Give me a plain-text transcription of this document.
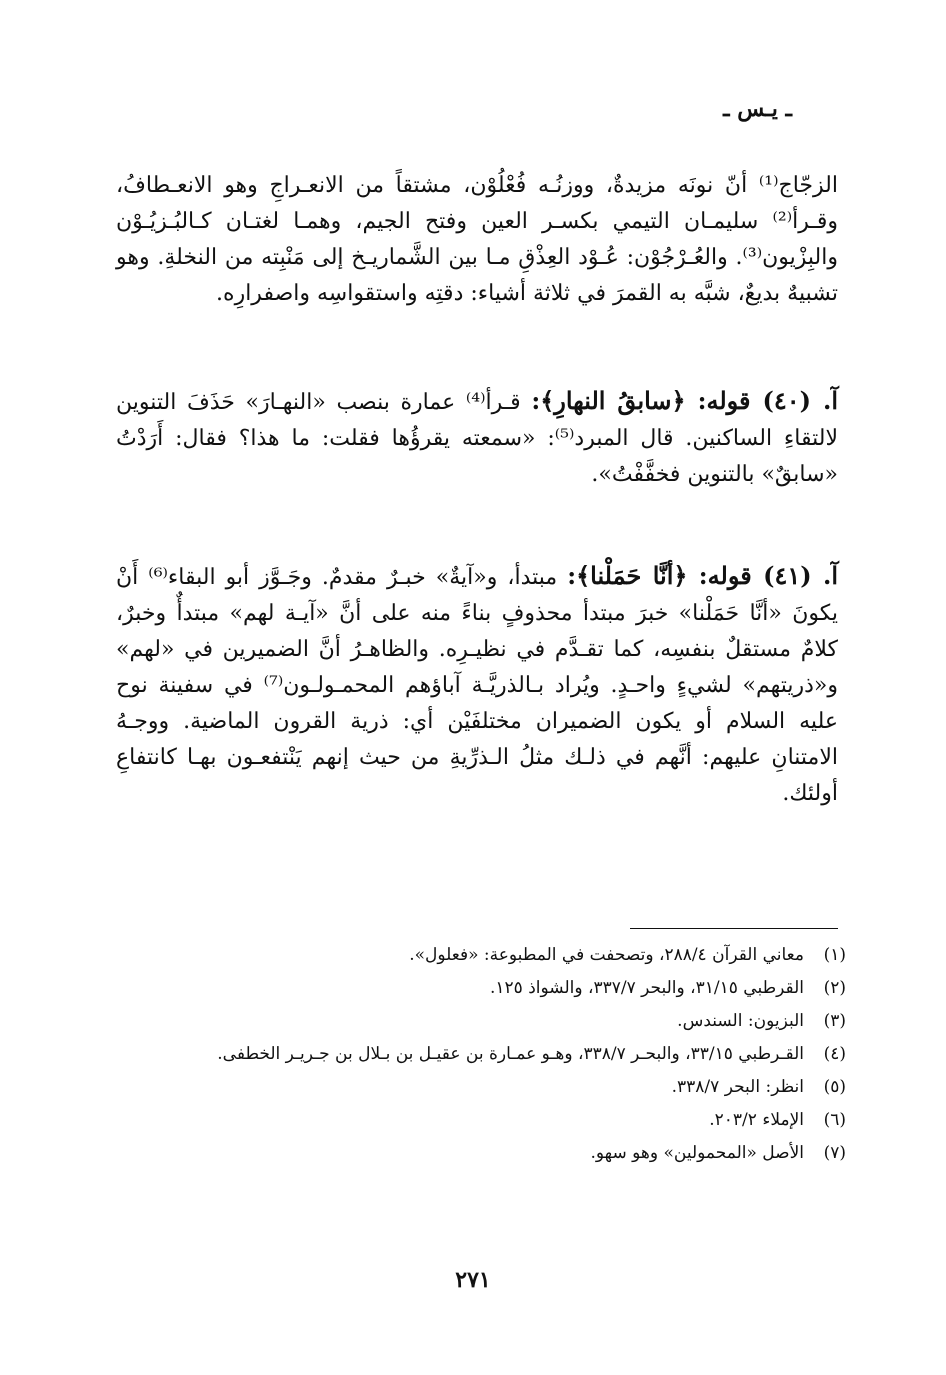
ـ يـس ـ

الزجّاج⁽¹⁾ أنّ نونَه مزيدةٌ، ووزنُـه فُعْلُوْن، مشتقاً من الانعـراجِ وهو الانعـطافُ، وقـرأ⁽²⁾ سليمـان التيمي بكسـر العين وفتح الجيم، وهمـا لغتـان كـالبُـزيُـوْن والبِزْيون⁽³⁾. والعُـرْجُوْن: عُـوْد العِذْقِ مـا بين الشَّماريـخ إلى مَنْبِته من النخلةِ. وهو تشبيهٌ بديعٌ، شبَّه به القمرَ في ثلاثة أشياء: دقتِه واستقواسِه واصفرارِه.

آ. (٤٠) قوله: ﴿سابقُ النهارِ﴾: قـرأ⁽⁴⁾ عمارة بنصب «النهـارَ» حَذَفَ التنوين لالتقاءِ الساكنين. قال المبرد⁽⁵⁾: «سمعته يقرؤُها فقلت: ما هذا؟ فقال: أَرَدْتُ «سابقٌ» بالتنوين فخفَّفْتُ».

آ. (٤١) قوله: ﴿أنَّا حَمَلْنا﴾: مبتدأ، و«آيةٌ» خبـرٌ مقدمٌ. وجَـوَّز أبو البقاء⁽⁶⁾ أَنْ يكونَ «أنَّا حَمَلْنا» خبرَ مبتدأ محذوفٍ بناءً منه على أنَّ «آيـة لهم» مبتدأٌ وخبرٌ، كلامٌ مستقلٌ بنفسِه، كما تقـدَّم في نظيـرِه. والظاهـرُ أنَّ الضميرين في «لهم» و«ذريتهم» لشيءٍ واحـدٍ. ويُراد بـالذريَّـة آباؤهم المحمـولـون⁽⁷⁾ في سفينة نوح عليه السلام أو يكون الضميران مختلفَيْن أي: ذرية القرون الماضية. ووجـهُ الامتنانِ عليهم: أنَّهم في ذلـك مثلُ الـذرِّيةِ من حيث إنهم يَنْتفعـون بهـا كانتفاعِ أولئك.

(١)
معاني القرآن ٢٨٨/٤، وتصحفت في المطبوعة: «فعلول».
(٢)
القرطبي ٣١/١٥، والبحر ٣٣٧/٧، والشواذ ١٢٥.
(٣)
البزيون: السندس.
(٤)
القـرطبي ٣٣/١٥، والبحـر ٣٣٨/٧، وهـو عمـارة بن عقيـل بن بـلال بن جـريـر الخطفى.
(٥)
انظر: البحر ٣٣٨/٧.
(٦)
الإملاء ٢٠٣/٢.
(٧)
الأصل «المحمولين» وهو سهو.
٢٧١
